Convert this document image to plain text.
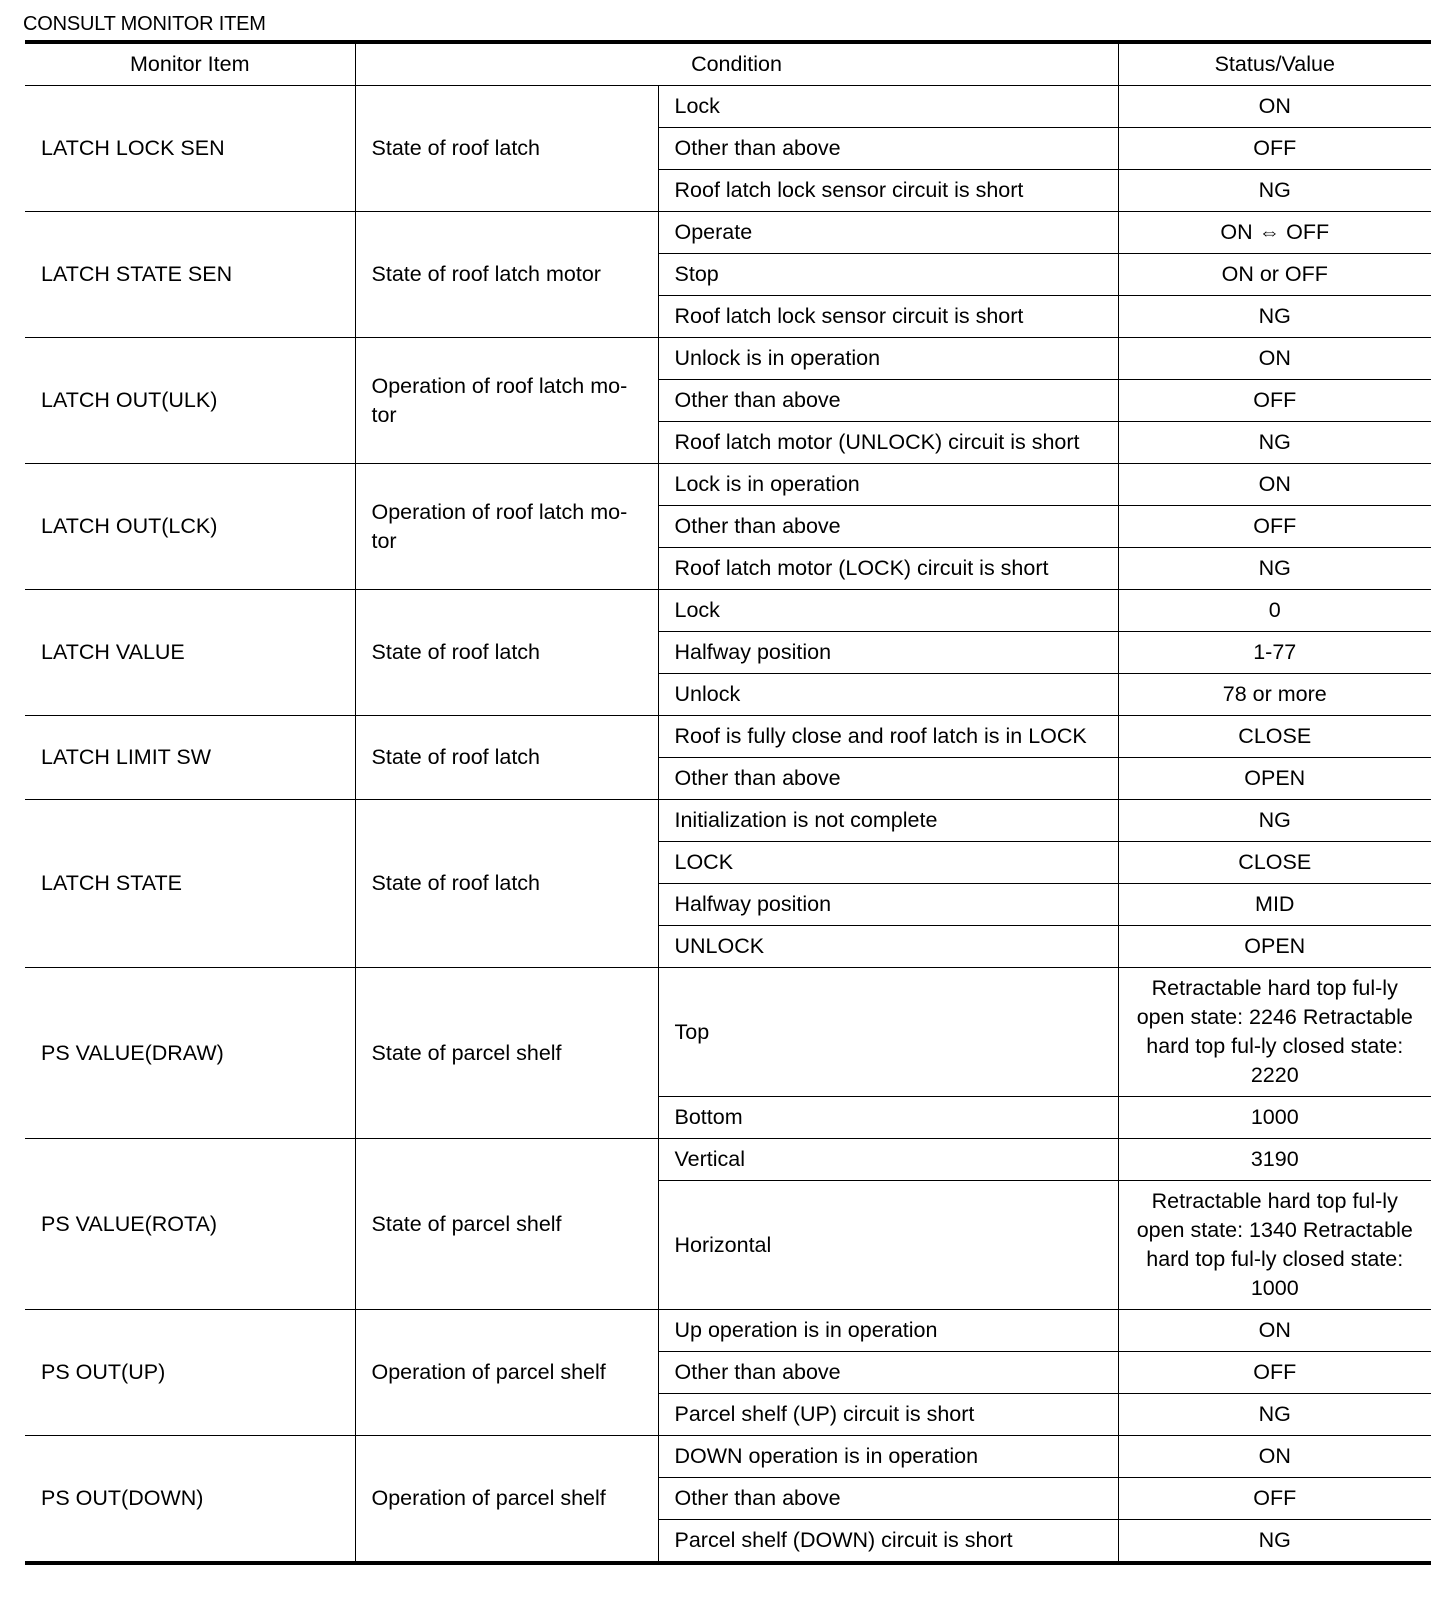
CONSULT MONITOR ITEM
Monitor Item	Condition		Status/Value
LATCH LOCK SEN	State of roof latch	Lock	ON
		Other than above	OFF
		Roof latch lock sensor circuit is short	NG
LATCH STATE SEN	State of roof latch motor	Operate	ON ⇔ OFF
		Stop	ON or OFF
		Roof latch lock sensor circuit is short	NG
LATCH OUT(ULK)	Operation of roof latch mo-tor	Unlock is in operation	ON
		Other than above	OFF
		Roof latch motor (UNLOCK) circuit is short	NG
LATCH OUT(LCK)	Operation of roof latch mo-tor	Lock is in operation	ON
		Other than above	OFF
		Roof latch motor (LOCK) circuit is short	NG
LATCH VALUE	State of roof latch	Lock	0
		Halfway position	1-77
		Unlock	78 or more
LATCH LIMIT SW	State of roof latch	Roof is fully close and roof latch is in LOCK	CLOSE
		Other than above	OPEN
LATCH STATE	State of roof latch	Initialization is not complete	NG
		LOCK	CLOSE
		Halfway position	MID
		UNLOCK	OPEN
PS VALUE(DRAW)	State of parcel shelf	Top	Retractable hard top ful-ly open state: 2246 Retractable hard top ful-ly closed state: 2220
		Bottom	1000
PS VALUE(ROTA)	State of parcel shelf	Vertical	3190
		Horizontal	Retractable hard top ful-ly open state: 1340 Retractable hard top ful-ly closed state: 1000
PS OUT(UP)	Operation of parcel shelf	Up operation is in operation	ON
		Other than above	OFF
		Parcel shelf (UP) circuit is short	NG
PS OUT(DOWN)	Operation of parcel shelf	DOWN operation is in operation	ON
		Other than above	OFF
		Parcel shelf (DOWN) circuit is short	NG
